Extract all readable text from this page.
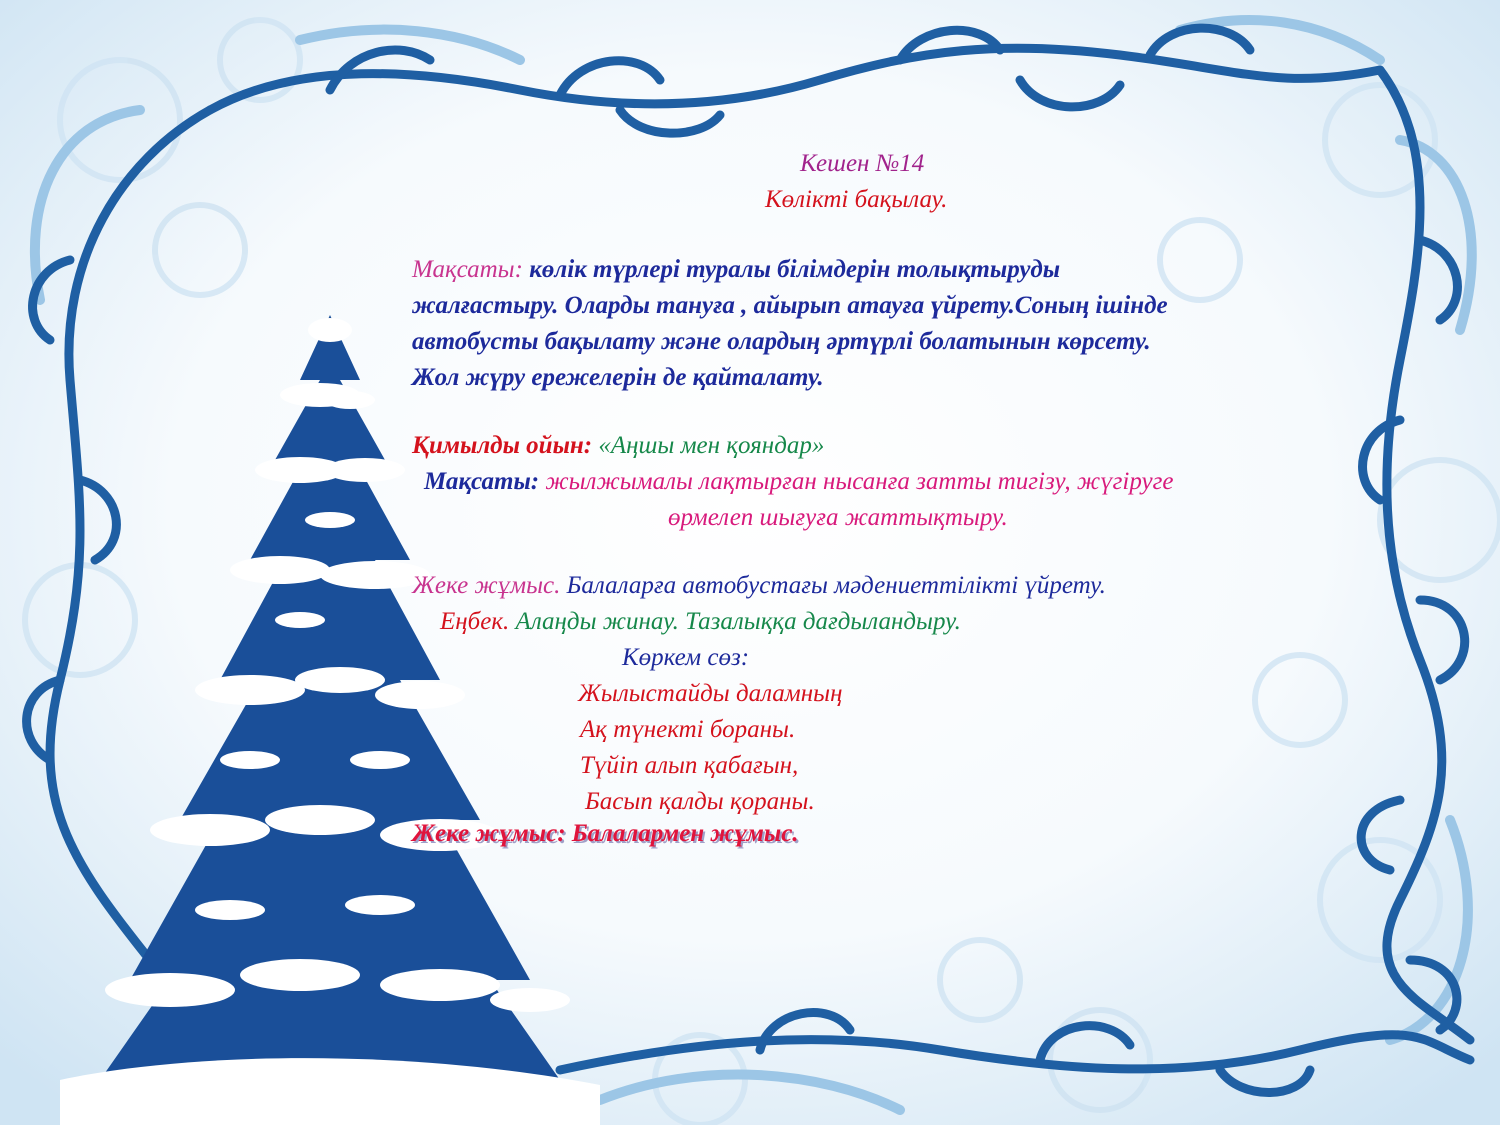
Кешен №14
Көлікті бақылау.
Мақсаты: көлік түрлері туралы білімдерін толықтыруды
жалғастыру. Оларды тануға , айырып атауға үйрету.Соның ішінде
автобусты бақылату және олардың әртүрлі болатынын көрсету.
Жол жүру ережелерін де қайталату.
Қимылды ойын: «Аңшы мен қояндар»
Мақсаты: жылжымалы лақтырған нысанға затты тигізу, жүгіруге
өрмелеп шығуға жаттықтыру.
Жеке жұмыс. Балаларға автобустағы мәдениеттілікті үйрету.
Еңбек. Алаңды жинау. Тазалыққа дағдыландыру.
Көркем сөз:
Жылыстайды даламның
Ақ түнекті бораны.
Түйіп алып қабағын,
Басып қалды қораны.
Жеке жұмыс: Балалармен жұмыс.
